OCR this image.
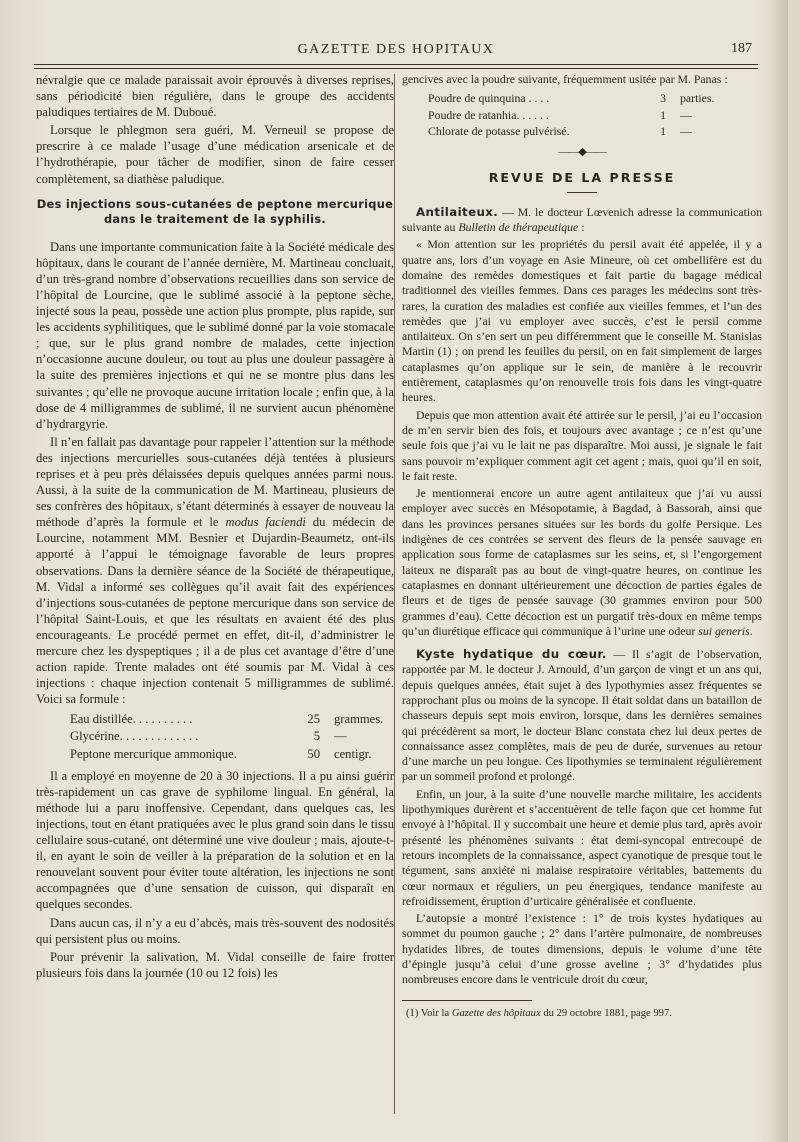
GAZETTE DES HOPITAUX	187

névralgie que ce malade paraissait avoir éprouvés à diverses reprises, sans périodicité bien régulière, dans le groupe des accidents paludiques tertiaires de M. Duboué.

Lorsque le phlegmon sera guéri, M. Verneuil se propose de prescrire à ce malade l’usage d’une médication arsenicale et de l’hydrothérapie, pour tâcher de modifier, sinon de faire cesser complètement, sa diathèse paludique.

Des injections sous-cutanées de peptone mercurique
dans le traitement de la syphilis.

Dans une importante communication faite à la Société médicale des hôpitaux, dans le courant de l’année dernière, M. Martineau concluait, d’un très-grand nombre d’observations recueillies dans son service de l’hôpital de Lourcine, que le sublimé associé à la peptone sèche, injecté sous la peau, possède une action plus prompte, plus rapide, sur les accidents syphilitiques, que le sublimé donné par la voie stomacale ; que, sur le plus grand nombre de malades, cette injection n’occasionne aucune douleur, ou tout au plus une douleur passagère à la suite des premières injections et qui ne se montre plus dans les suivantes ; qu’elle ne provoque aucune irritation locale ; enfin que, à la dose de 4 milligrammes de sublimé, il ne survient aucun phénomène d’hydrargyrie.

Il n’en fallait pas davantage pour rappeler l’attention sur la méthode des injections mercurielles sous-cutanées déjà tentées à plusieurs reprises et à peu près délaissées depuis quelques années parmi nous. Aussi, à la suite de la communication de M. Martineau, plusieurs de ses confrères des hôpitaux, s’étant déterminés à essayer de nouveau la méthode d’après la formule et le modus faciendi du médecin de Lourcine, notamment MM. Besnier et Dujardin-Beaumetz, ont-ils apporté à l’appui le témoignage favorable de leurs propres observations. Dans la dernière séance de la Société de thérapeutique, M. Vidal a informé ses collègues qu’il avait fait des expériences d’injections sous-cutanées de peptone mercurique dans son service de l’hôpital Saint-Louis, et que les résultats en avaient été des plus encourageants. Le procédé permet en effet, dit-il, d’administrer le mercure chez les dyspeptiques ; il a de plus cet avantage d’être d’une action rapide. Trente malades ont été soumis par M. Vidal à ces injections : chaque injection contenait 5 milligrammes de sublimé. Voici sa formule :

Eau distillée. . . . . . . . . .	25 grammes.
Glycérine. . . . . . . . . . . . .	5 —
Peptone mercurique ammonique.	50 centigr.

Il a employé en moyenne de 20 à 30 injections. Il a pu ainsi guérir très-rapidement un cas grave de syphilome lingual. En général, la méthode lui a paru inoffensive. Cependant, dans quelques cas, les injections, tout en étant pratiquées avec le plus grand soin dans le tissu cellulaire sous-cutané, ont déterminé une vive douleur ; mais, ajoute-t-il, en ayant le soin de veiller à la préparation de la solution et en la renouvelant souvent pour éviter toute altération, les injections ne sont accompagnées que d’une sensation de cuisson, qui disparaît en quelques secondes.

Dans aucun cas, il n’y a eu d’abcès, mais très-souvent des nodosités qui persistent plus ou moins.

Pour prévenir la salivation, M. Vidal conseille de faire frotter plusieurs fois dans la journée (10 ou 12 fois) les

gencives avec la poudre suivante, fréquemment usitée par M. Panas :

Poudre de quinquina . . . .	3 parties.
Poudre de ratanhia. . . . . .	1 —
Chlorate de potasse pulvérisé.	1 —
——◆——
REVUE DE LA PRESSE

Antilaiteux. — M. le docteur Lœvenich adresse la communication suivante au Bulletin de thérapeutique :

« Mon attention sur les propriétés du persil avait été appelée, il y a quatre ans, lors d’un voyage en Asie Mineure, où cet ombellifère est du domaine des remèdes domestiques et fait partie du bagage médical traditionnel des vieilles femmes. Dans ces parages les médecins sont très-rares, la curation des maladies est confiée aux vieilles femmes, et l’un des remèdes que j’ai vu employer avec succès, c’est le persil comme antilaiteux. On s’en sert un peu différemment que le conseille M. Stanislas Martin (1) ; on prend les feuilles du persil, on en fait simplement de larges cataplasmes qu’on applique sur le sein, de manière à le recouvrir entièrement, cataplasmes qu’on renouvelle trois fois dans les vingt-quatre heures.

Depuis que mon attention avait été attirée sur le persil, j’ai eu l’occasion de m’en servir bien des fois, et toujours avec avantage ; ce n’est qu’une seule fois que j’ai vu le lait ne pas disparaître. Moi aussi, je signale le fait sans pouvoir m’expliquer comment agit cet agent ; mais, quoi qu’il en soit, le fait reste.

Je mentionnerai encore un autre agent antilaiteux que j’ai vu aussi employer avec succès en Mésopotamie, à Bagdad, à Bassorah, ainsi que dans les provinces persanes situées sur les bords du golfe Persique. Les indigènes de ces contrées se servent des fleurs de la pensée sauvage en application sous forme de cataplasmes sur les seins, et, si l’engorgement laiteux ne disparaît pas au bout de vingt-quatre heures, on continue les cataplasmes en donnant ultérieurement une décoction de parties égales de fleurs et de tiges de pensée sauvage (30 grammes environ pour 500 grammes d’eau). Cette décoction est un purgatif très-doux en même temps qu’un diurétique efficace qui communique à l’urine une odeur sui generis.

Kyste hydatique du cœur. — Il s’agit de l’observation, rapportée par M. le docteur J. Arnould, d’un garçon de vingt et un ans qui, depuis quelques années, était sujet à des lypothymies assez fréquentes se rapprochant plus ou moins de la syncope. Il était soldat dans un bataillon de chasseurs depuis sept mois environ, lorsque, dans les dernières semaines qui précédèrent sa mort, le docteur Blanc constata chez lui deux pertes de connaissance assez complètes, mais de peu de durée, survenues au retour d’une marche un peu longue. Ces lipothymies se terminaient régulièrement par un sommeil profond et prolongé.

Enfin, un jour, à la suite d’une nouvelle marche militaire, les accidents lipothymiques durèrent et s’accentuèrent de telle façon que cet homme fut envoyé à l’hôpital. Il y succombait une heure et demie plus tard, après avoir présenté les phénomènes suivants : état demi-syncopal entrecoupé de retours incomplets de la connaissance, aspect cyanotique de presque tout le tégument, sans anxiété ni malaise respiratoire véritables, battements du cœur normaux et réguliers, un peu énergiques, tendance manifeste au refroidissement, éruption d’urticaire généralisée et confluente.

L’autopsie a montré l’existence : 1° de trois kystes hydatiques au sommet du poumon gauche ; 2° dans l’artère pulmonaire, de nombreuses hydatides libres, de toutes dimensions, depuis le volume d’une tête d’épingle jusqu’à celui d’une grosse aveline ; 3° d’hydatides plus nombreuses encore dans le ventricule droit du cœur,

(1) Voir la Gazette des hôpitaux du 29 octobre 1881, page 997.
